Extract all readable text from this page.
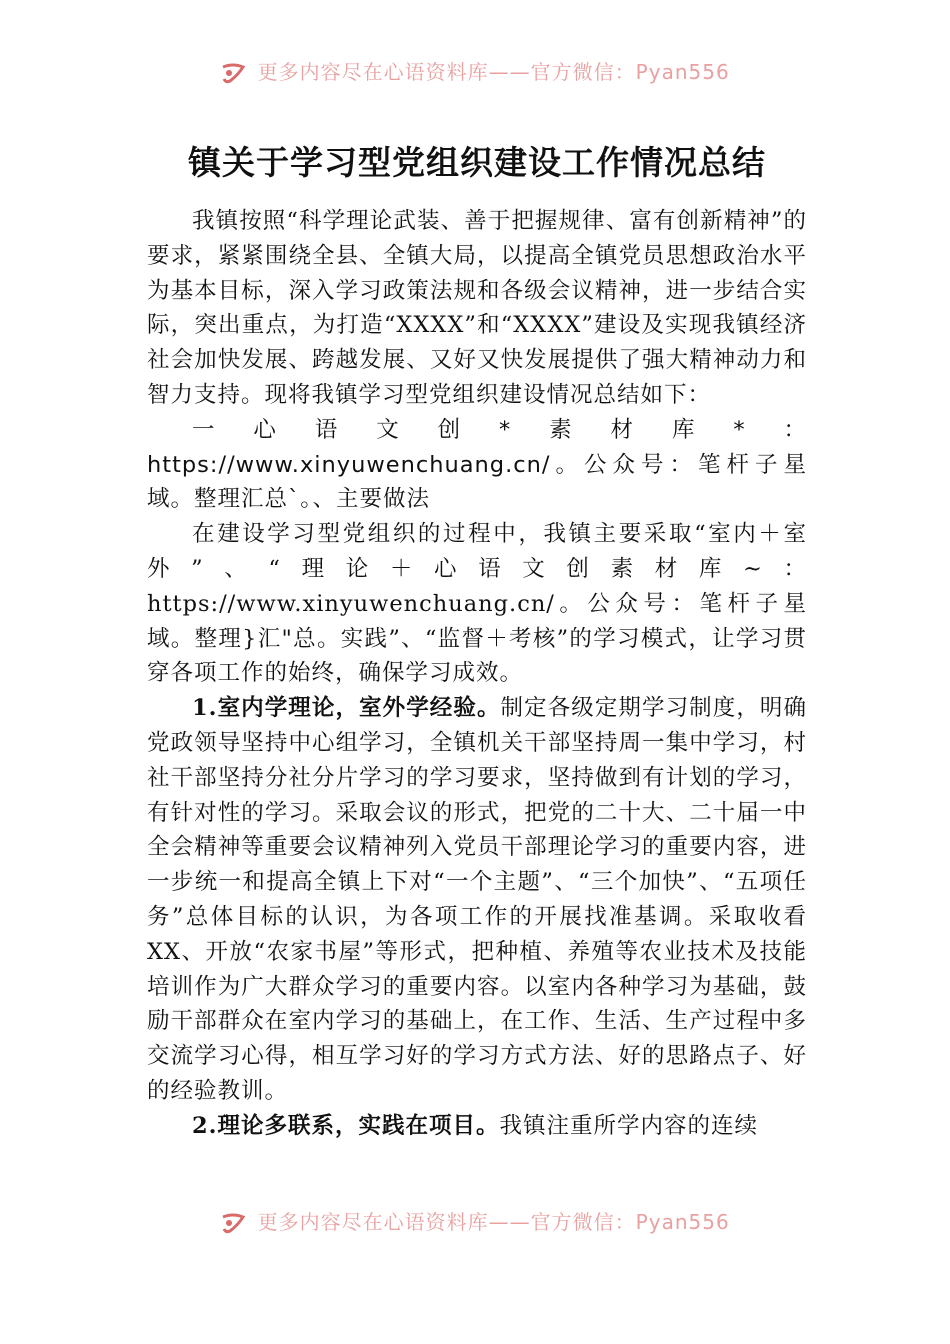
更多内容尽在心语资料库——官方微信：Pyan556
镇关于学习型党组织建设工作情况总结

我镇按照“科学理论武装、善于把握规律、富有创新精神”的要求，紧紧围绕全县、全镇大局，以提高全镇党员思想政治水平为基本目标，深入学习政策法规和各级会议精神，进一步结合实际，突出重点，为打造“XXXX”和“XXXX”建设及实现我镇经济社会加快发展、跨越发展、又好又快发展提供了强大精神动力和智力支持。现将我镇学习型党组织建设情况总结如下：

一心语文创*素材库*：https://www.xinyuwenchuang.cn/。公众号：笔杆子星域。整理汇总`。、主要做法

在建设学习型党组织的过程中，我镇主要采取“室内＋室外”、“理论＋心语文创素材库~：https://www.xinyuwenchuang.cn/。公众号：笔杆子星域。整理}汇"总。实践”、“监督＋考核”的学习模式，让学习贯穿各项工作的始终，确保学习成效。

1.室内学理论，室外学经验。制定各级定期学习制度，明确党政领导坚持中心组学习，全镇机关干部坚持周一集中学习，村社干部坚持分社分片学习的学习要求，坚持做到有计划的学习，有针对性的学习。采取会议的形式，把党的二十大、二十届一中全会精神等重要会议精神列入党员干部理论学习的重要内容，进一步统一和提高全镇上下对“一个主题”、“三个加快”、“五项任务”总体目标的认识，为各项工作的开展找准基调。采取收看XX、开放“农家书屋”等形式，把种植、养殖等农业技术及技能培训作为广大群众学习的重要内容。以室内各种学习为基础，鼓励干部群众在室内学习的基础上，在工作、生活、生产过程中多交流学习心得，相互学习好的学习方式方法、好的思路点子、好的经验教训。

2.理论多联系，实践在项目。我镇注重所学内容的连续

更多内容尽在心语资料库——官方微信：Pyan556
